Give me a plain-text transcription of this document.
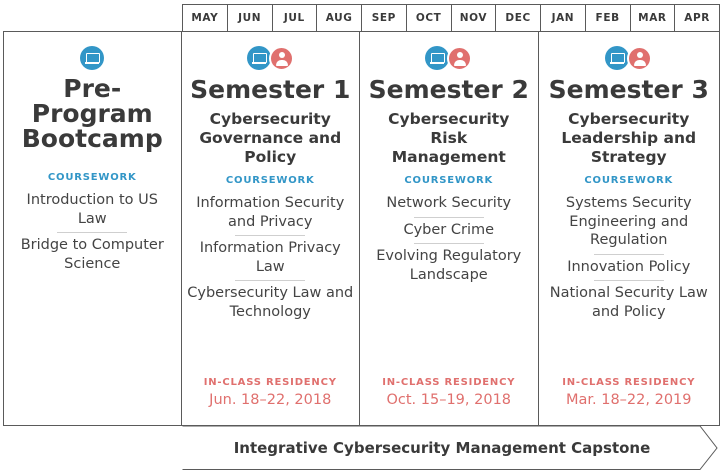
MAY	JUN	JUL	AUG	SEP	OCT	NOV	DEC	JAN	FEB	MAR	APR
Pre-Program Bootcamp
COURSEWORK
Introduction to US Law
Bridge to Computer Science
Semester 1
Cybersecurity Governance and Policy
COURSEWORK
Information Security and Privacy
Information Privacy Law
Cybersecurity Law and Technology
IN-CLASS RESIDENCY
Jun. 18–22, 2018
Semester 2
Cybersecurity Risk Management
COURSEWORK
Network Security
Cyber Crime
Evolving Regulatory Landscape
IN-CLASS RESIDENCY
Oct. 15–19, 2018
Semester 3
Cybersecurity Leadership and Strategy
COURSEWORK
Systems Security Engineering and Regulation
Innovation Policy
National Security Law and Policy
IN-CLASS RESIDENCY
Mar. 18–22, 2019
Integrative Cybersecurity Management Capstone
